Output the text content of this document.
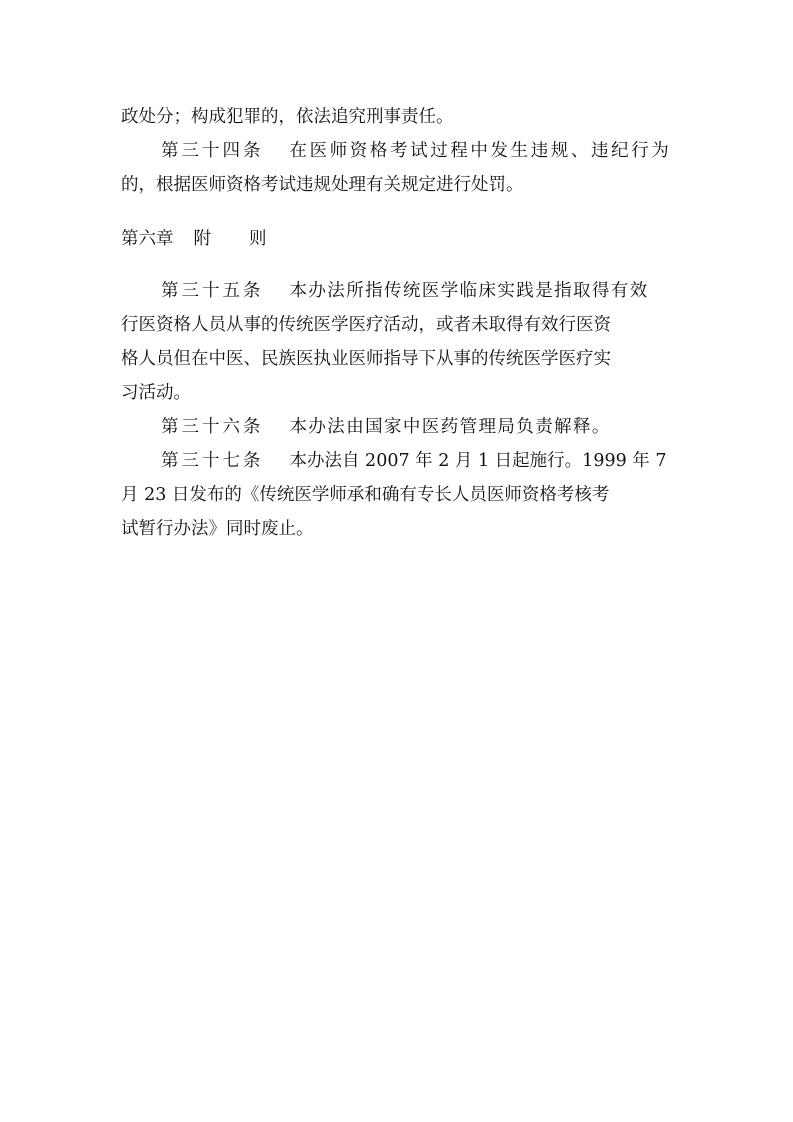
政处分；构成犯罪的，依法追究刑事责任。
第三十四条 在医师资格考试过程中发生违规、违纪行为
的，根据医师资格考试违规处理有关规定进行处罚。
第六章 附 则
第三十五条 本办法所指传统医学临床实践是指取得有效
行医资格人员从事的传统医学医疗活动，或者未取得有效行医资
格人员但在中医、民族医执业医师指导下从事的传统医学医疗实
习活动。
第三十六条 本办法由国家中医药管理局负责解释。
第三十七条 本办法自 2007 年 2 月 1 日起施行。1999 年 7
月 23 日发布的《传统医学师承和确有专长人员医师资格考核考
试暂行办法》同时废止。
